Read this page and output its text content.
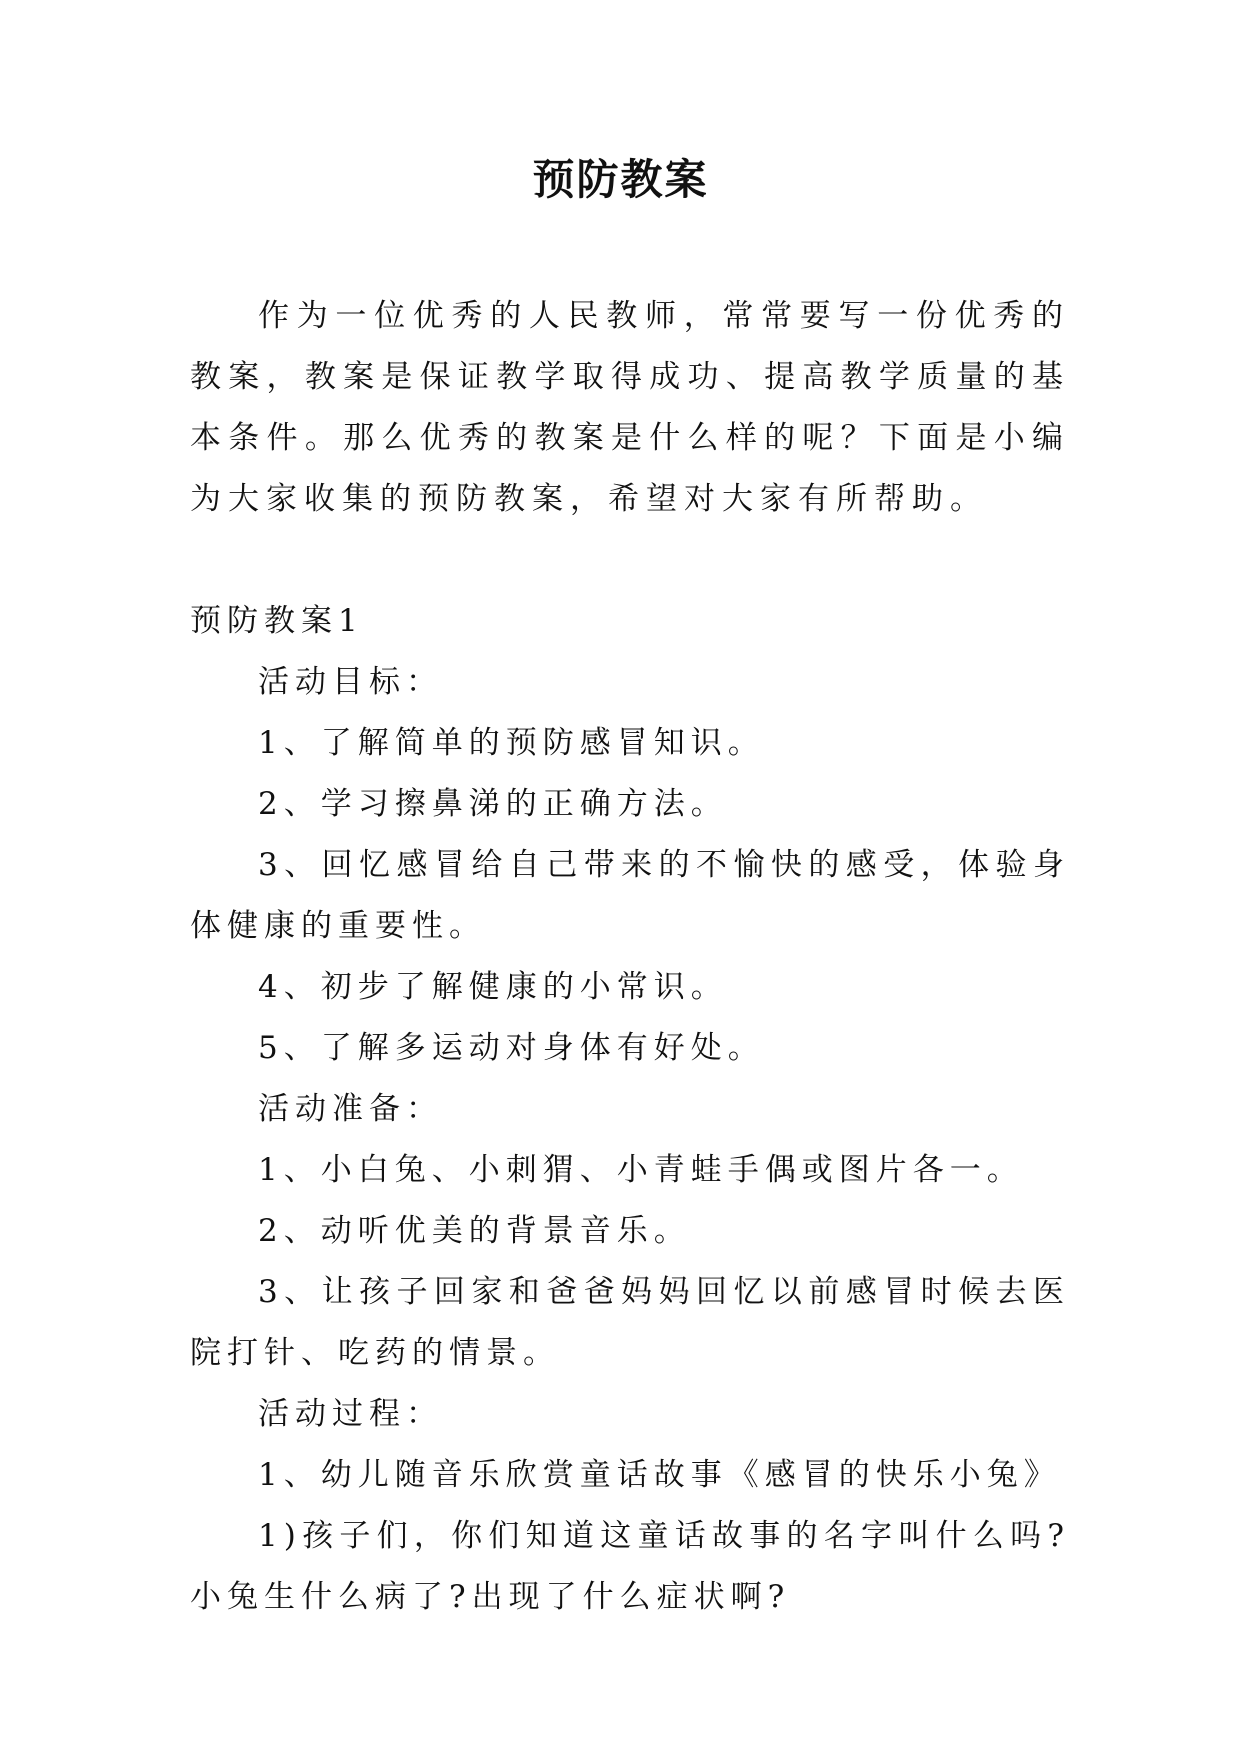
预防教案

作为一位优秀的人民教师，常常要写一份优秀的教案，教案是保证教学取得成功、提高教学质量的基本条件。那么优秀的教案是什么样的呢？下面是小编为大家收集的预防教案，希望对大家有所帮助。

预防教案1

活动目标：

1、了解简单的预防感冒知识。

2、学习擦鼻涕的正确方法。

3、回忆感冒给自己带来的不愉快的感受，体验身体健康的重要性。

4、初步了解健康的小常识。

5、了解多运动对身体有好处。

活动准备：

1、小白兔、小刺猬、小青蛙手偶或图片各一。

2、动听优美的背景音乐。

3、让孩子回家和爸爸妈妈回忆以前感冒时候去医院打针、吃药的情景。

活动过程：

1、幼儿随音乐欣赏童话故事《感冒的快乐小兔》

1)孩子们，你们知道这童话故事的名字叫什么吗?小兔生什么病了?出现了什么症状啊?
